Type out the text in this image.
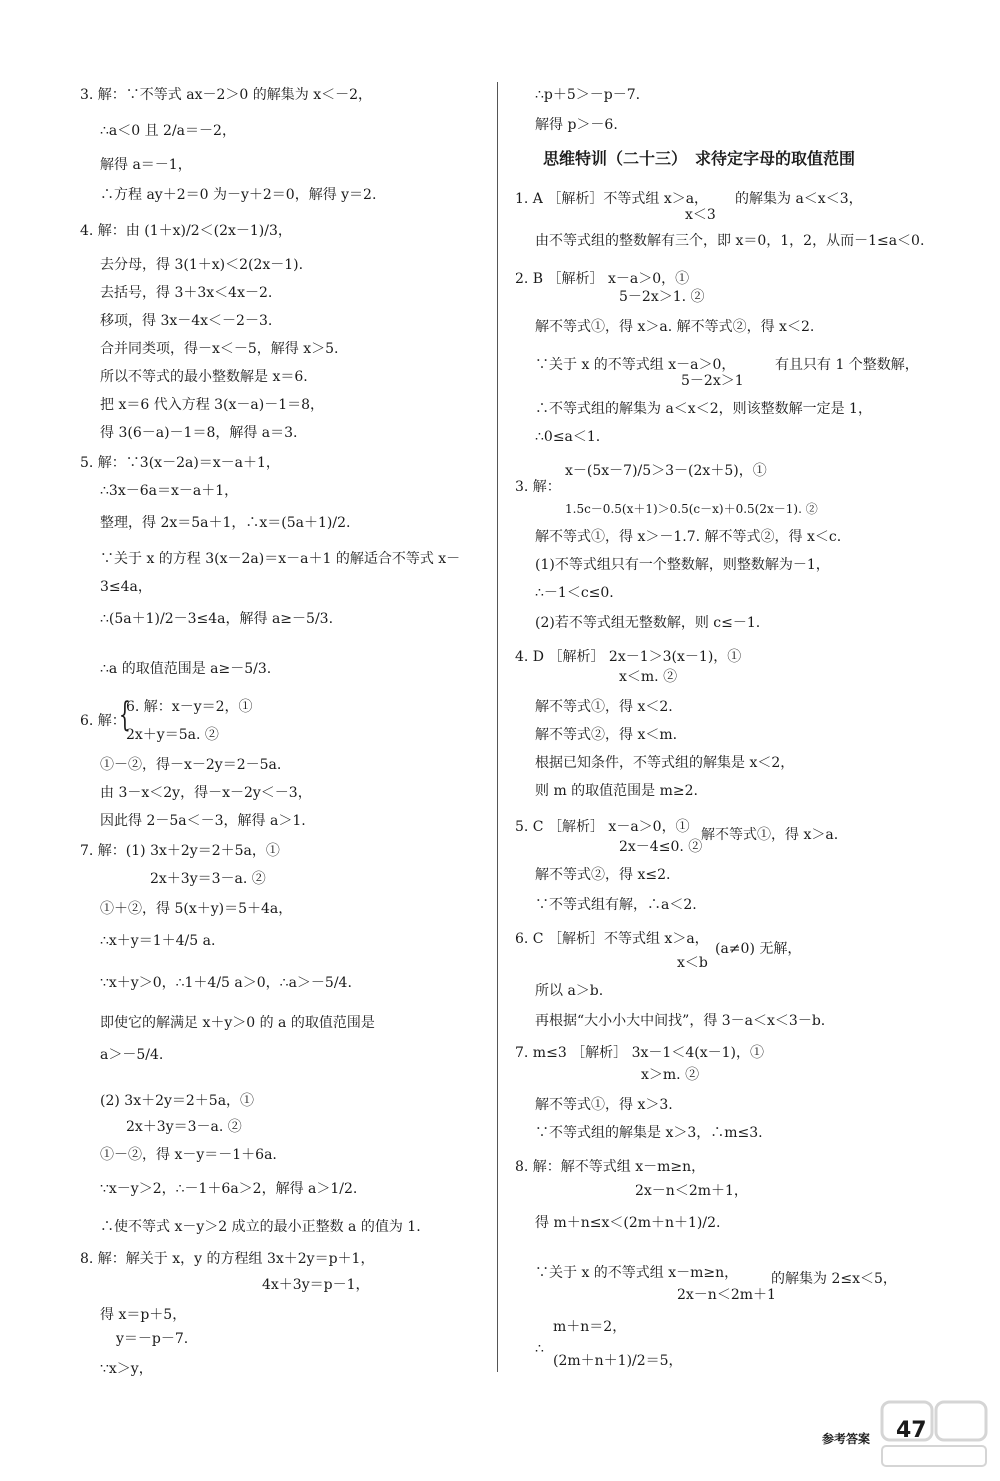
3. 解：∵不等式 ax－2＞0 的解集为 x＜－2，
∴a＜0 且 2/a＝－2，
解得 a＝－1，
∴方程 ay＋2＝0 为－y＋2＝0，解得 y＝2.
4. 解：由 (1＋x)/2＜(2x－1)/3，
去分母，得 3(1＋x)＜2(2x－1).
去括号，得 3＋3x＜4x－2.
移项，得 3x－4x＜－2－3.
合并同类项，得－x＜－5，解得 x＞5.
所以不等式的最小整数解是 x＝6.
把 x＝6 代入方程 3(x－a)－1＝8，
得 3(6－a)－1＝8，解得 a＝3.
5. 解：∵3(x－2a)＝x－a＋1，
∴3x－6a＝x－a＋1，
整理，得 2x＝5a＋1，∴x＝(5a＋1)/2.
∵关于 x 的方程 3(x－2a)＝x－a＋1 的解适合不等式 x－
3≤4a，
∴(5a＋1)/2－3≤4a，解得 a≥－5/3.
∴a 的取值范围是 a≥－5/3.
6. 解：
{
6. 解：x－y＝2，①
2x＋y＝5a. ②
①－②，得－x－2y＝2－5a.
由 3－x＜2y，得－x－2y＜－3，
因此得 2－5a＜－3，解得 a＞1.
7. 解：(1) 3x＋2y＝2＋5a，①
2x＋3y＝3－a. ②
①＋②，得 5(x＋y)＝5＋4a，
∴x＋y＝1＋4/5 a.
∵x＋y＞0，∴1＋4/5 a＞0，∴a＞－5/4.
即使它的解满足 x＋y＞0 的 a 的取值范围是
a＞－5/4.
(2) 3x＋2y＝2＋5a，①
2x＋3y＝3－a. ②
①－②，得 x－y＝－1＋6a.
∵x－y＞2，∴－1＋6a＞2，解得 a＞1/2.
∴使不等式 x－y＞2 成立的最小正整数 a 的值为 1.
8. 解：解关于 x，y 的方程组 3x＋2y＝p＋1，
4x＋3y＝p－1，
得 x＝p＋5，
y＝－p－7.
∵x＞y，
∴p＋5＞－p－7.
解得 p＞－6.
思维特训（二十三）　求待定字母的取值范围
1. A ［解析］不等式组 x＞a，
x＜3
的解集为 a＜x＜3，
由不等式组的整数解有三个，即 x＝0，1，2，从而－1≤a＜0.
2. B ［解析］ x－a＞0，①
5－2x＞1. ②
解不等式①，得 x＞a. 解不等式②，得 x＜2.
∵关于 x 的不等式组 x－a＞0，
5－2x＞1
有且只有 1 个整数解，
∴不等式组的解集为 a＜x＜2，则该整数解一定是 1，
∴0≤a＜1.
x－(5x－7)/5＞3－(2x＋5)，①
3. 解：
1.5c－0.5(x＋1)＞0.5(c－x)＋0.5(2x－1). ②
解不等式①，得 x＞－1.7. 解不等式②，得 x＜c.
(1)不等式组只有一个整数解，则整数解为－1，
∴－1＜c≤0.
(2)若不等式组无整数解，则 c≤－1.
4. D ［解析］ 2x－1＞3(x－1)，①
x＜m. ②
解不等式①，得 x＜2.
解不等式②，得 x＜m.
根据已知条件，不等式组的解集是 x＜2，
则 m 的取值范围是 m≥2.
5. C ［解析］ x－a＞0，①
2x－4≤0. ②
解不等式①，得 x＞a.
解不等式②，得 x≤2.
∵不等式组有解，∴a＜2.
6. C ［解析］不等式组 x＞a，
x＜b
(a≠0) 无解，
所以 a＞b.
再根据“大小小大中间找”，得 3－a＜x＜3－b.
7. m≤3 ［解析］ 3x－1＜4(x－1)，①
x＞m. ②
解不等式①，得 x＞3.
∵不等式组的解集是 x＞3，∴m≤3.
8. 解：解不等式组 x－m≥n，
2x－n＜2m＋1，
得 m＋n≤x＜(2m＋n＋1)/2.
∵关于 x 的不等式组 x－m≥n，
2x－n＜2m＋1
的解集为 2≤x＜5，
m＋n＝2，
∴
(2m＋n＋1)/2＝5，
参考答案 47
